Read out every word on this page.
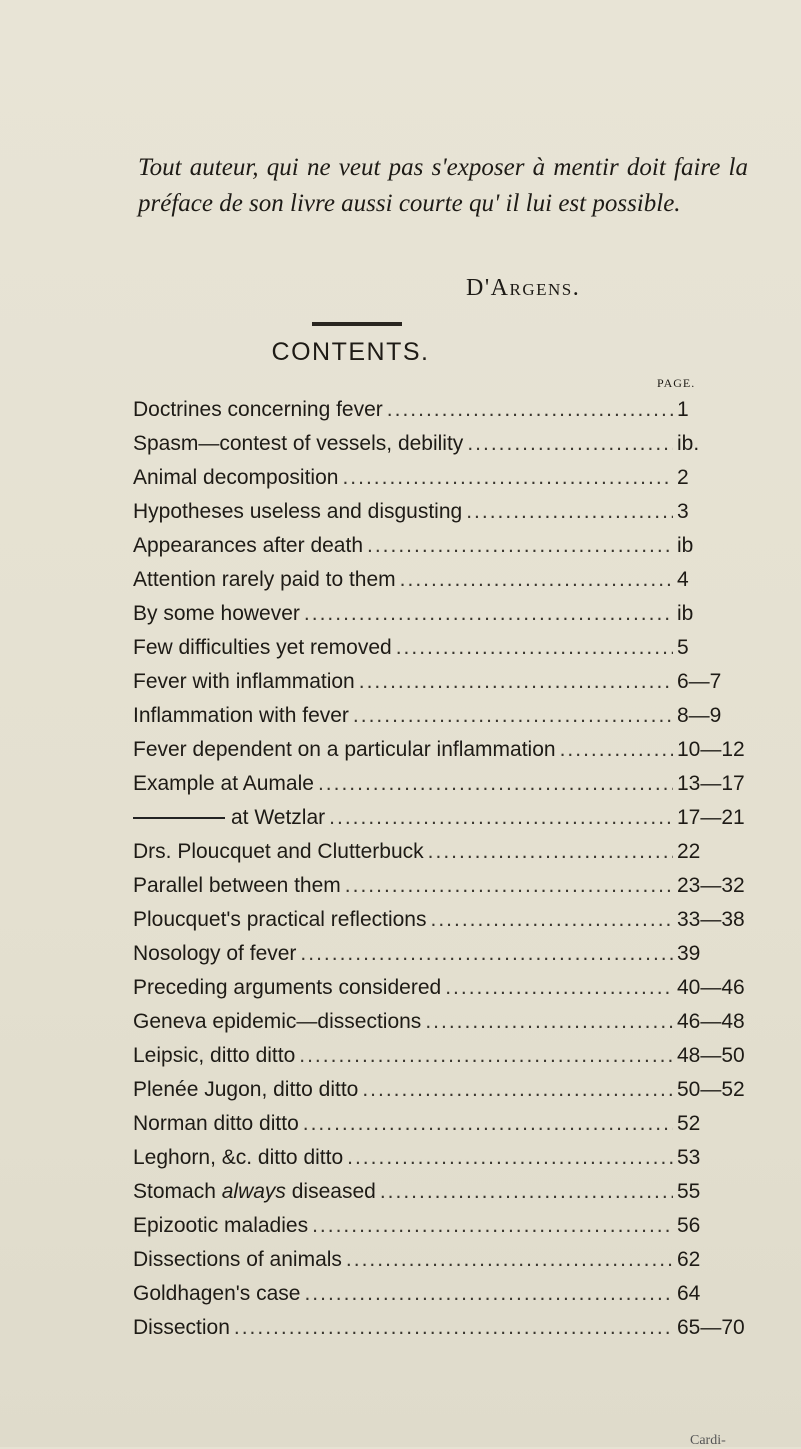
Tout auteur, qui ne veut pas s'exposer à mentir doit faire la préface de son livre aussi courte qu' il lui est possible.
D'Argens.
CONTENTS.
PAGE.
Doctrines concerning fever .....	1
Spasm—contest of vessels, debility .....	ib.
Animal decomposition .....	2
Hypotheses useless and disgusting .....	3
Appearances after death .....	ib
Attention rarely paid to them .....	4
By some however .....	ib
Few difficulties yet removed .....	5
Fever with inflammation .....	6—7
Inflammation with fever .....	8—9
Fever dependent on a particular inflammation .....	10—12
Example at Aumale .....	13—17
at Wetzlar .....	17—21
Drs. Ploucquet and Clutterbuck .....	22
Parallel between them .....	23—32
Ploucquet's practical reflections .....	33—38
Nosology of fever .....	39
Preceding arguments considered .....	40—46
Geneva epidemic—dissections .....	46—48
Leipsic, ditto ditto .....	48—50
Plenée Jugon, ditto ditto .....	50—52
Norman ditto ditto .....	52
Leghorn, &c. ditto ditto .....	53
Stomach always diseased .....	55
Epizootic maladies .....	56
Dissections of animals .....	62
Goldhagen's case .....	64
Dissection .....	65—70
Cardi-
